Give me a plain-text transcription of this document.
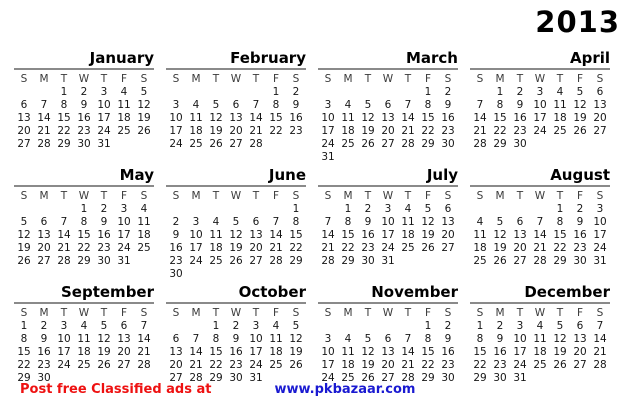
2013
January
S	M	T	W	T	F	S
		1	2	3	4	5
6	7	8	9	10	11	12
13	14	15	16	17	18	19
20	21	22	23	24	25	26
27	28	29	30	31		
February
S	M	T	W	T	F	S
					1	2
3	4	5	6	7	8	9
10	11	12	13	14	15	16
17	18	19	20	21	22	23
24	25	26	27	28		
March
S	M	T	W	T	F	S
					1	2
3	4	5	6	7	8	9
10	11	12	13	14	15	16
17	18	19	20	21	22	23
24	25	26	27	28	29	30
31						
April
S	M	T	W	T	F	S
	1	2	3	4	5	6
7	8	9	10	11	12	13
14	15	16	17	18	19	20
21	22	23	24	25	26	27
28	29	30				
May
S	M	T	W	T	F	S
			1	2	3	4
5	6	7	8	9	10	11
12	13	14	15	16	17	18
19	20	21	22	23	24	25
26	27	28	29	30	31	
June
S	M	T	W	T	F	S
						1
2	3	4	5	6	7	8
9	10	11	12	13	14	15
16	17	18	19	20	21	22
23	24	25	26	27	28	29
30						
July
S	M	T	W	T	F	S
	1	2	3	4	5	6
7	8	9	10	11	12	13
14	15	16	17	18	19	20
21	22	23	24	25	26	27
28	29	30	31			
August
S	M	T	W	T	F	S
				1	2	3
4	5	6	7	8	9	10
11	12	13	14	15	16	17
18	19	20	21	22	23	24
25	26	27	28	29	30	31
September
S	M	T	W	T	F	S
1	2	3	4	5	6	7
8	9	10	11	12	13	14
15	16	17	18	19	20	21
22	23	24	25	26	27	28
29	30					
October
S	M	T	W	T	F	S
		1	2	3	4	5
6	7	8	9	10	11	12
13	14	15	16	17	18	19
20	21	22	23	24	25	26
27	28	29	30	31		
November
S	M	T	W	T	F	S
					1	2
3	4	5	6	7	8	9
10	11	12	13	14	15	16
17	18	19	20	21	22	23
24	25	26	27	28	29	30
December
S	M	T	W	T	F	S
1	2	3	4	5	6	7
8	9	10	11	12	13	14
15	16	17	18	19	20	21
22	23	24	25	26	27	28
29	30	31				
Post free Classified ads at	www.pkbazaar.com
